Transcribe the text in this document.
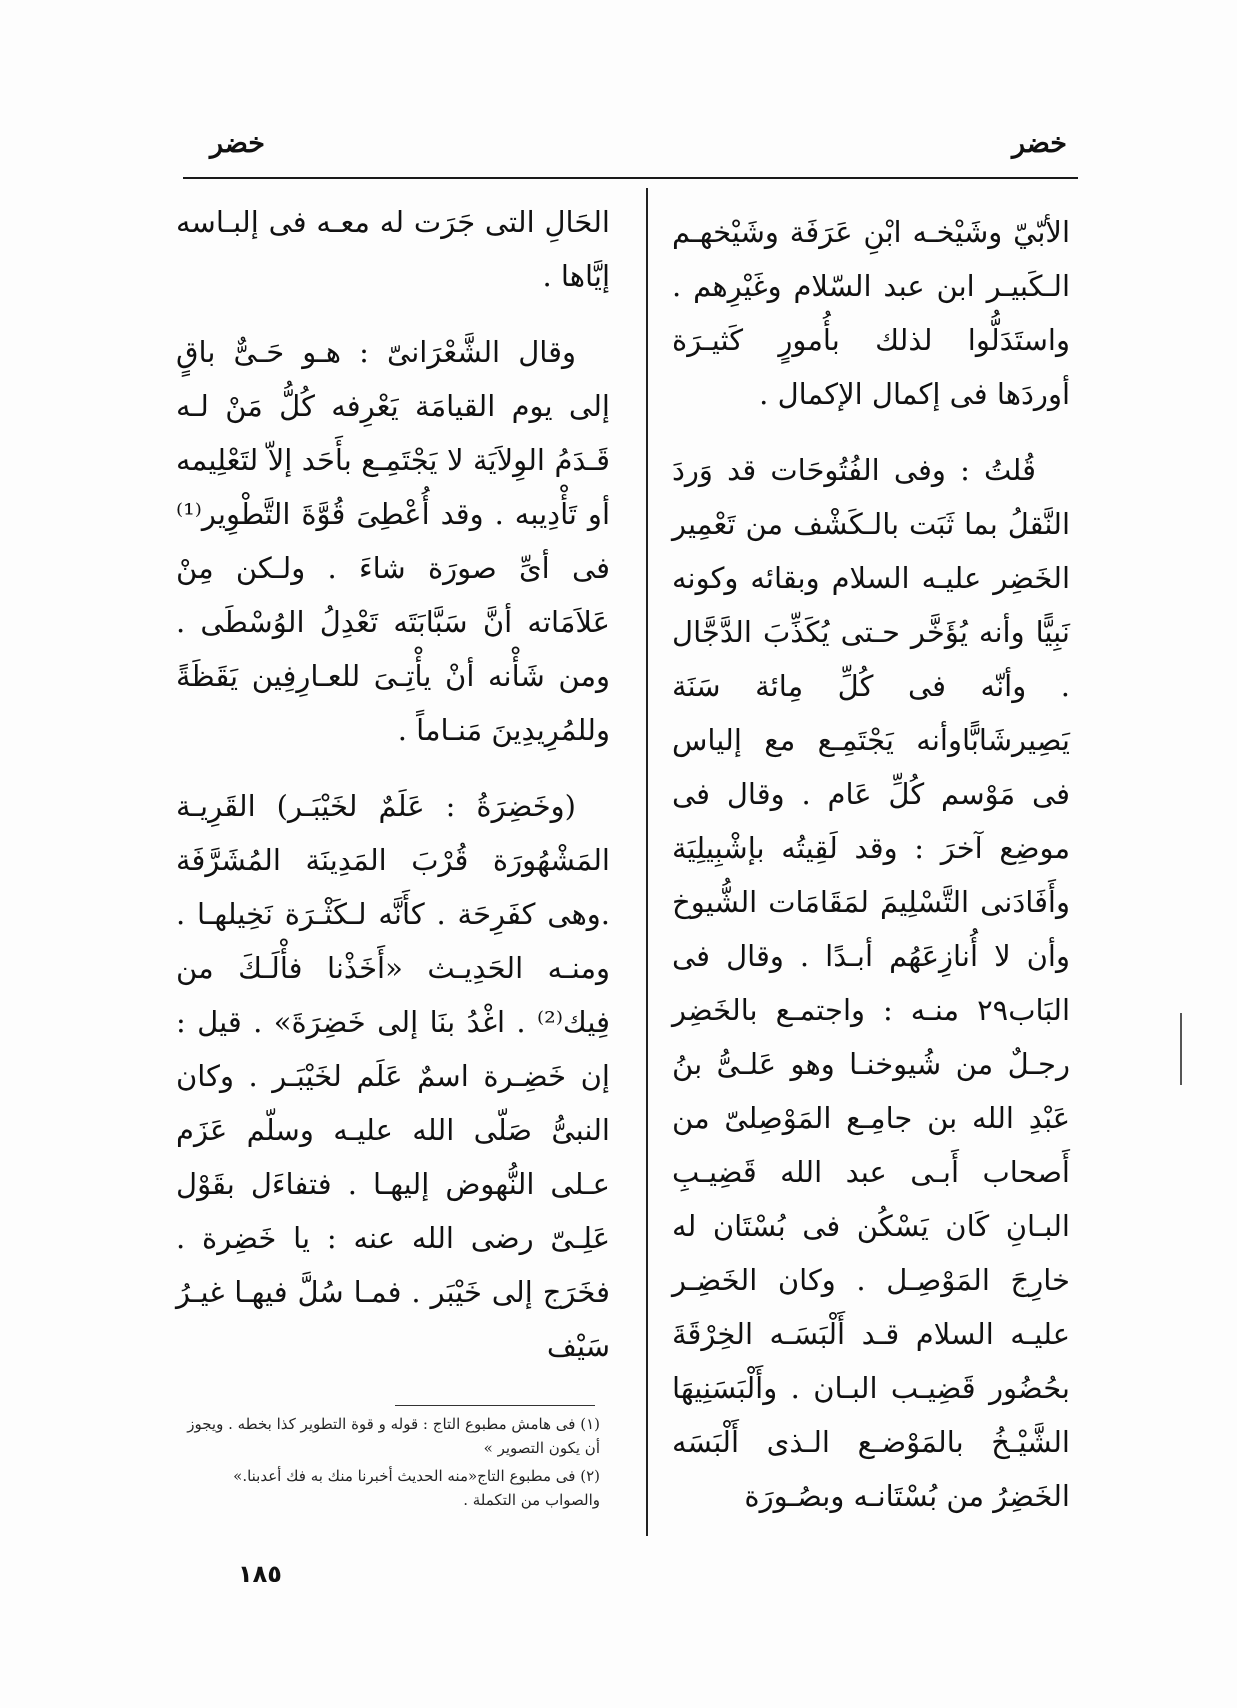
خضر	خضر

الأبّيّ وشَيْخـه ابْنِ عَرَفَة وشَيْخهـم الـكَبيـر ابن عبد السّلام وغَيْرِهم . واستَدَلُّوا لذلك بأُمورٍ كَثيـرَة أوردَها فى إكمال الإكمال .

قُلتُ : وفى الفُتُوحَات قد وَردَ النَّقلُ بما ثَبَت بالـكَشْف من تَعْمِير الخَضِر عليـه السلام وبقائه وكونه نَبِيًّا وأنه يُؤَخَّر حـتى يُكَذِّبَ الدَّجَّال . وأنّه فى كُلِّ مِائة سَنَة يَصِيرشَابًّاوأنه يَجْتَمِـع مع إلياس فى مَوْسم كُلِّ عَام . وقال فى موضِع آخرَ : وقد لَقِيتُه بإشْبِيلِيَة وأَفَادَنى التَّسْلِيمَ لمَقَامَات الشُّيوخ وأن لا أُنازِعَهُم أبـدًا . وقال فى البَاب٢٩ منـه : واجتمـع بالخَضِر رجـلٌ من شُيوخنـا وهو عَلـىُّ بنُ عَبْدِ الله بن جامِـع المَوْصِلىّ من أَصحاب أَبـى عبد الله قَضِيـبِ البـانِ كَان يَسْكُن فى بُسْتَان له خارِجَ المَوْصِـل . وكان الخَضِـر عليـه السلام قـد أَلْبَسَـه الخِرْقَةَ بحُضُور قَضِيـب البـان . وأَلْبَسَنِيهَا الشَّيْـخُ بالمَوْضـع الـذى أَلْبَسَه الخَضِرُ من بُسْتَانـه وبصُـورَة

الحَالِ التى جَرَت له معـه فى إلبـاسه إيَّاها .

وقال الشَّعْرَانىّ : هـو حَـىٌّ باقٍ إلى يوم القيامَة يَعْرِفه كُلُّ مَنْ لـه قَـدَمُ الوِلاَيَة لا يَجْتَمِـع بأَحَد إلاّ لتَعْلِيمه أو تَأْدِيبه . وقد أُعْطِىَ قُوَّةَ التَّطْوِير⁽¹⁾ فى أىِّ صورَة شاءَ . ولـكن مِنْ عَلاَمَاته أنَّ سَبَّابَتَه تَعْدِلُ الوُسْطَى . ومن شَأْنه أنْ يأْتِـىَ للعـارِفِين يَقَظَةً وللمُرِيدِينَ مَنـاماً .

(وخَضِرَةُ : عَلَمٌ لخَيْبَـر) القَرِيـة المَشْهُورَة قُرْبَ المَدِينَة المُشَرَّفَة .وهى كفَرِحَة . كأَنَّه لـكَثْـرَة نَخِيلهـا . ومنـه الحَدِيـث «أَخَذْنا فأْلَـكَ من فِيك⁽²⁾ . اغْدُ بنَا إلى خَضِرَةَ» . قيل : إن خَضِـرة اسمٌ عَلَم لخَيْبَـر . وكان النبىُّ صَلّى الله عليـه وسلّم عَزَم عـلى النُّهوض إليهـا . فتفاءَل بقَوْل عَلِـىّ رضى الله عنه : يا خَضِرة . فخَرَج إلى خَيْبَر . فمـا سُلَّ فيهـا غيـرُ سَيْف

(١) فى هامش مطبوع التاج : قوله و قوة التطوير كذا بخطه . ويجوز أن يكون التصوير »
(٢) فى مطبوع التاج«منه الحديث أخبرنا منك به فك أعدبنا.» والصواب من التكملة .
١٨٥
